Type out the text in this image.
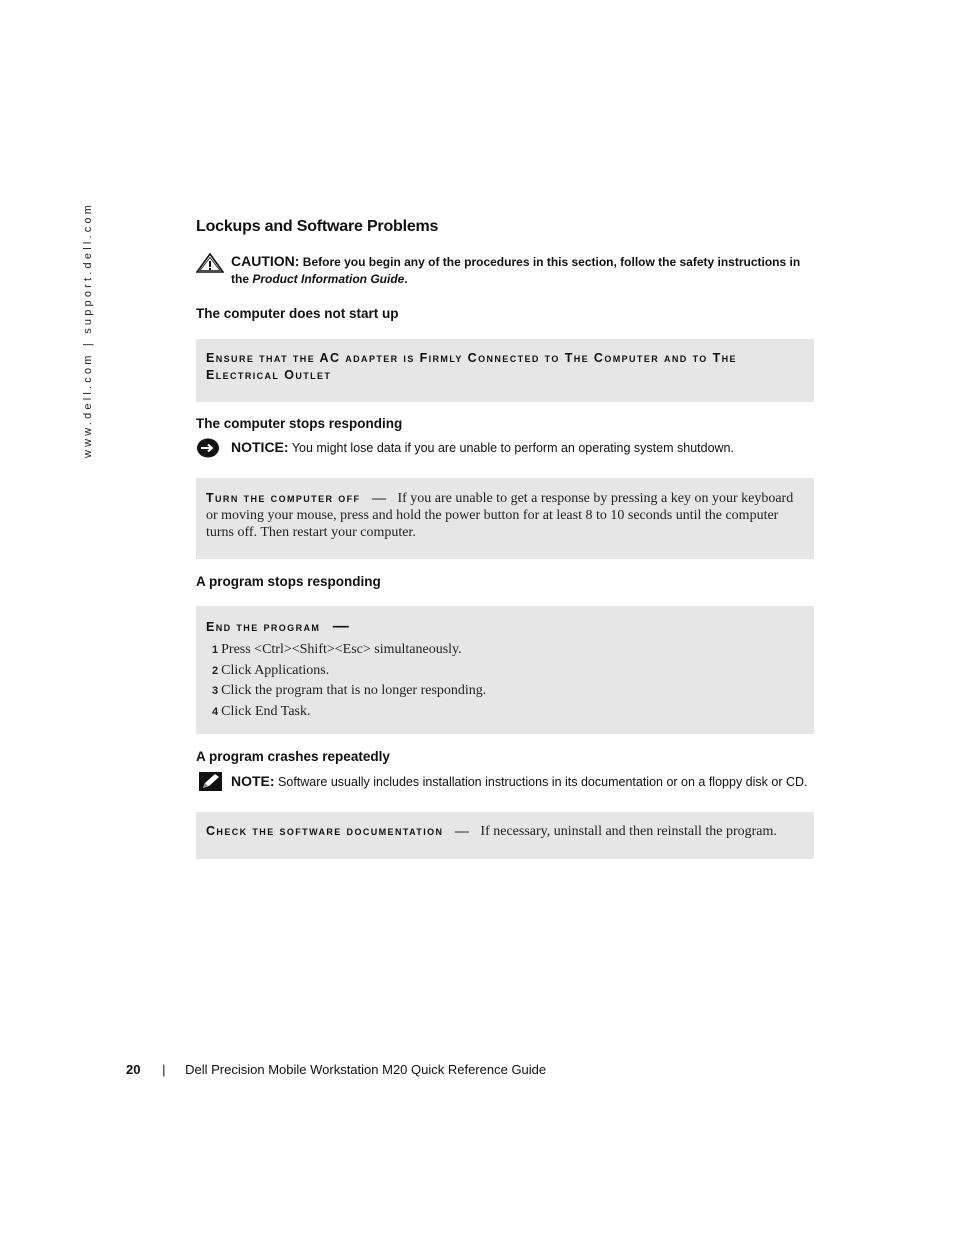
www.dell.com | support.dell.com	Lockups and Software Problems
CAUTION: Before you begin any of the procedures in this section, follow the safety instructions in the Product Information Guide.
The computer does not start up
Ensure that the AC adapter is Firmly Connected to The Computer and to The
Electrical Outlet
The computer stops responding
NOTICE: You might lose data if you are unable to perform an operating system shutdown.
Turn the computer off — If you are unable to get a response by pressing a key on your keyboard or moving your mouse, press and hold the power button for at least 8 to 10 seconds until the computer turns off. Then restart your computer.
A program stops responding
End the program —
1 Press <Ctrl><Shift><Esc> simultaneously.
2 Click Applications.
3 Click the program that is no longer responding.
4 Click End Task.
A program crashes repeatedly
NOTE: Software usually includes installation instructions in its documentation or on a floppy disk or CD.
Check the software documentation — If necessary, uninstall and then reinstall the program.
20 | Dell Precision Mobile Workstation M20 Quick Reference Guide
